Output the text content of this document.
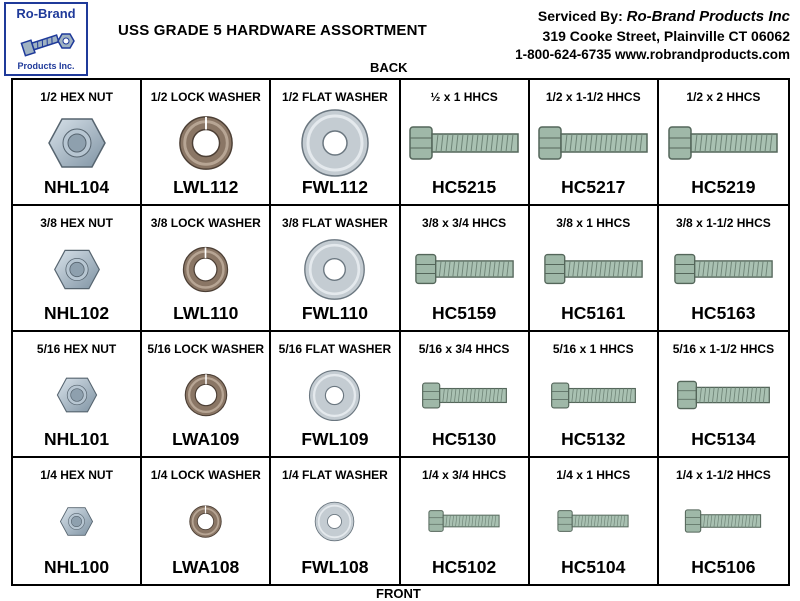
Ro-Brand
Products Inc.
USS GRADE 5 HARDWARE ASSORTMENT
Serviced By: Ro-Brand Products Inc
319 Cooke Street, Plainville CT 06062
1-800-624-6735 www.robrandproducts.com
BACK
1/2 HEX NUT
NHL104
1/2 LOCK WASHER
LWL112
1/2 FLAT WASHER
FWL112
½ x 1 HHCS
HC5215
1/2 x 1-1/2 HHCS
HC5217
1/2 x 2 HHCS
HC5219
3/8 HEX NUT
NHL102
3/8 LOCK WASHER
LWL110
3/8 FLAT WASHER
FWL110
3/8 x 3/4 HHCS
HC5159
3/8 x 1 HHCS
HC5161
3/8 x 1-1/2 HHCS
HC5163
5/16 HEX NUT
NHL101
5/16 LOCK WASHER
LWA109
5/16 FLAT WASHER
FWL109
5/16 x 3/4 HHCS
HC5130
5/16 x 1 HHCS
HC5132
5/16 x 1-1/2 HHCS
HC5134
1/4 HEX NUT
NHL100
1/4 LOCK WASHER
LWA108
1/4 FLAT WASHER
FWL108
1/4 x 3/4 HHCS
HC5102
1/4 x 1 HHCS
HC5104
1/4 x 1-1/2 HHCS
HC5106
FRONT
